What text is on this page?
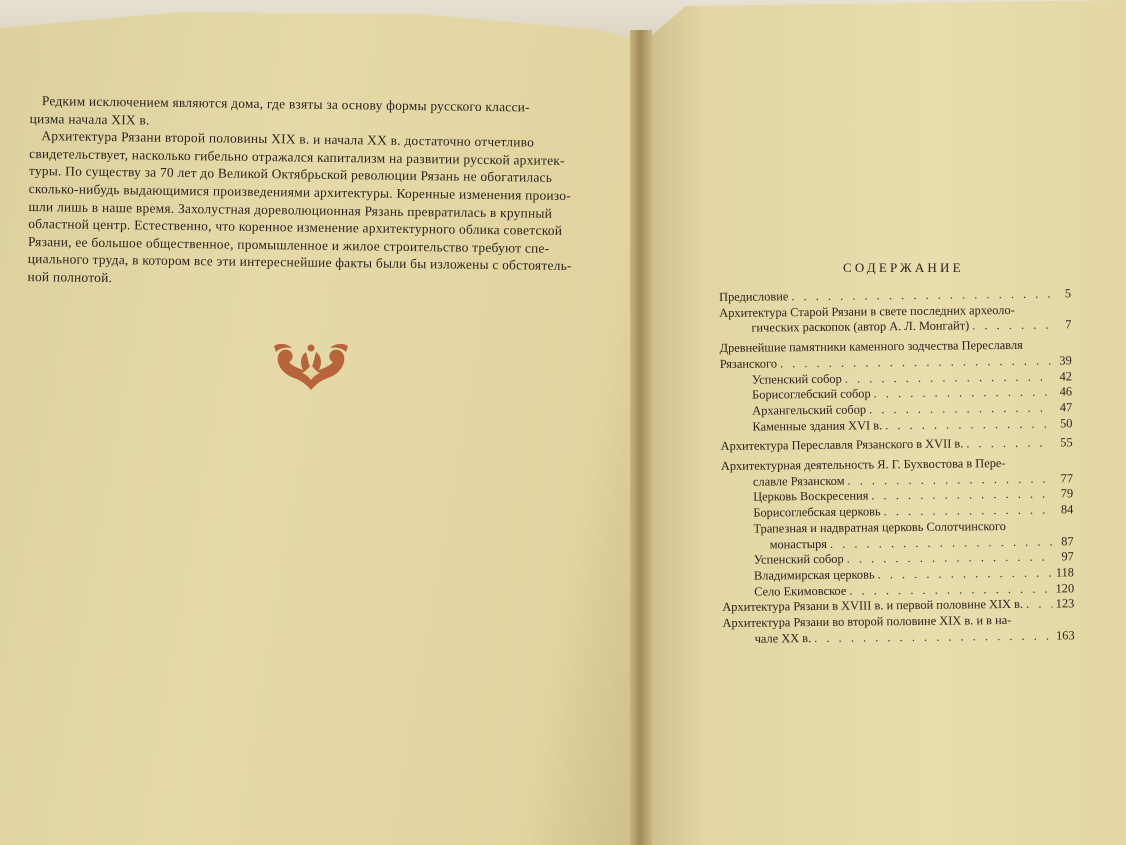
Редким исключением являются дома, где взяты за основу формы русского класси-
цизма начала XIX в.
Архитектура Рязани второй половины XIX в. и начала XX в. достаточно отчетливо
свидетельствует, насколько гибельно отражался капитализм на развитии русской архитек-
туры. По существу за 70 лет до Великой Октябрьской революции Рязань не обогатилась
сколько-нибудь выдающимися произведениями архитектуры. Коренные изменения произо-
шли лишь в наше время. Захолустная дореволюционная Рязань превратилась в крупный
областной центр. Естественно, что коренное изменение архитектурного облика советской
Рязани, ее большое общественное, промышленное и жилое строительство требуют спе-
циального труда, в котором все эти интереснейшие факты были бы изложены с обстоятель-
ной полнотой.
СОДЕРЖАНИЕ
Предисловие . . .	5
Архитектура Старой Рязани в свете последних археоло-
гических раскопок (автор А. Л. Монгайт) . . .	7
Древнейшие памятники каменного зодчества Переславля
Рязанского . . .	39
Успенский собор . . .	42
Борисоглебский собор . . .	46
Архангельский собор . . .	47
Каменные здания XVI в. . . .	50
Архитектура Переславля Рязанского в XVII в. . . .	55
Архитектурная деятельность Я. Г. Бухвостова в Пере-
славле Рязанском . . .	77
Церковь Воскресения . . .	79
Борисоглебская церковь . . .	84
Трапезная и надвратная церковь Солотчинского
монастыря . . .	87
Успенский собор . . .	97
Владимирская церковь . . .	118
Село Екимовское . . .	120
Архитектура Рязани в XVIII в. и первой половине XIX в. . . .	123
Архитектура Рязани во второй половине XIX в. и в на-
чале XX в. . . .	163
